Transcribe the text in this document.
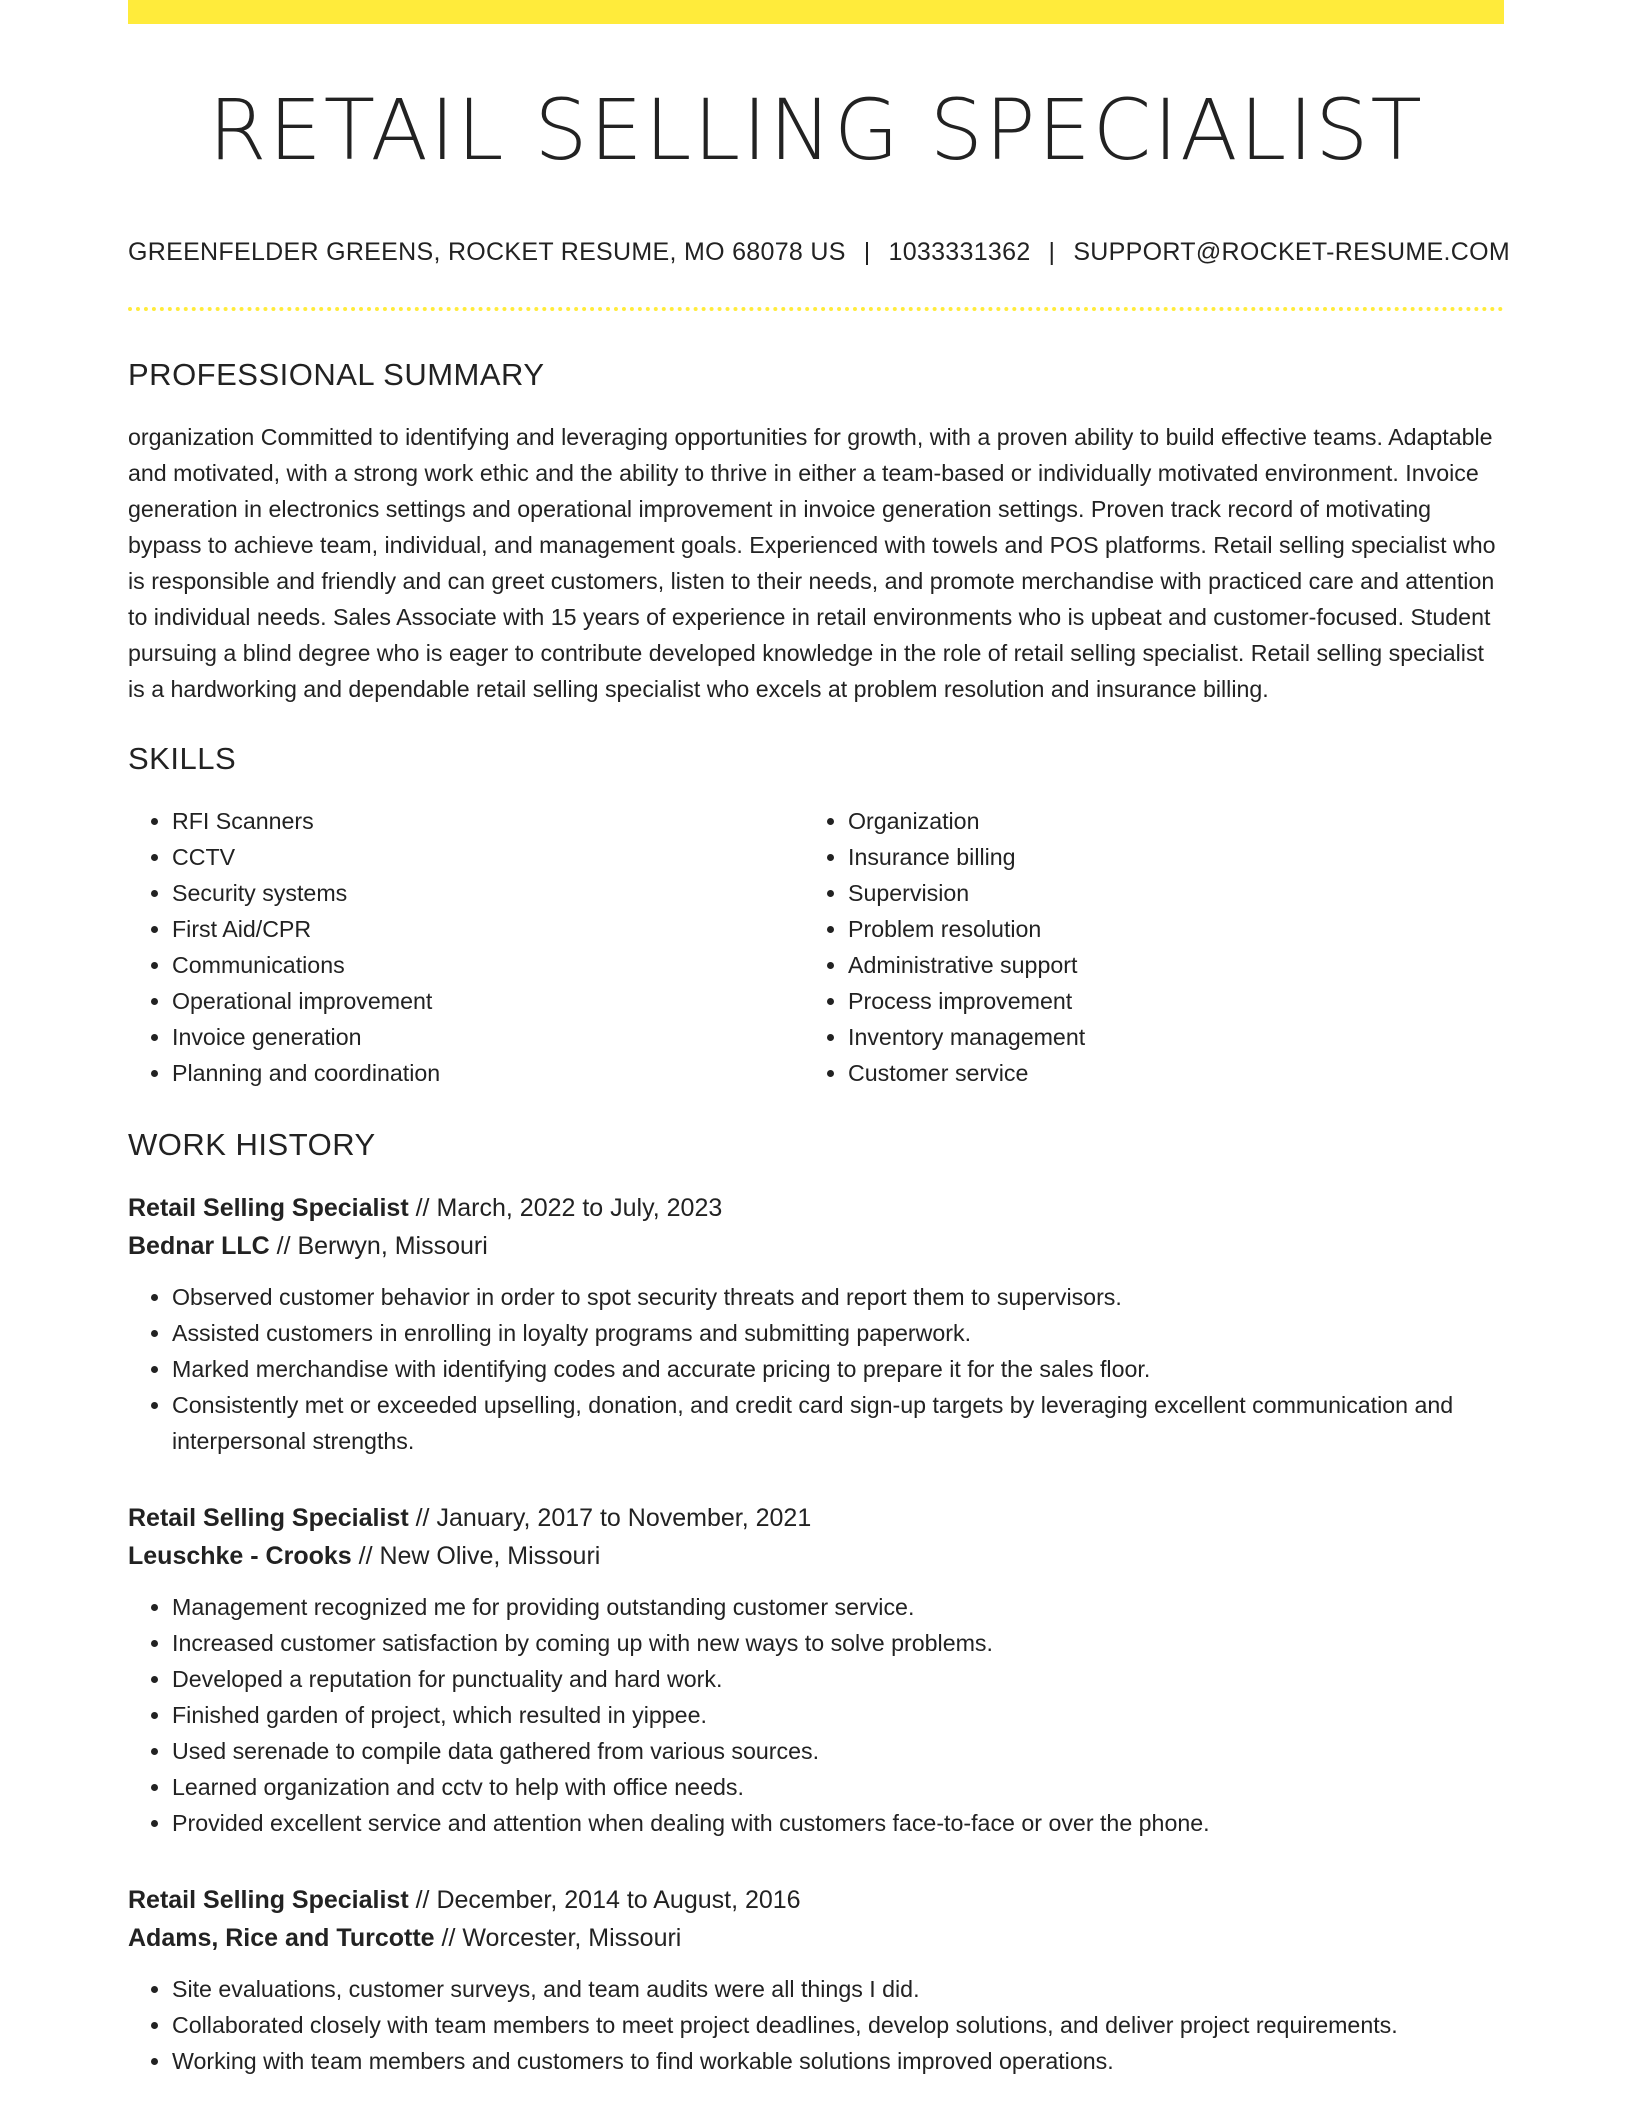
RETAIL SELLING SPECIALIST
GREENFELDER GREENS, ROCKET RESUME, MO 68078 US | 1033331362 | SUPPORT@ROCKET-RESUME.COM
PROFESSIONAL SUMMARY

organization Committed to identifying and leveraging opportunities for growth, with a proven ability to build effective teams. Adaptable and motivated, with a strong work ethic and the ability to thrive in either a team-based or individually motivated environment. Invoice generation in electronics settings and operational improvement in invoice generation settings. Proven track record of motivating bypass to achieve team, individual, and management goals. Experienced with towels and POS platforms. Retail selling specialist who is responsible and friendly and can greet customers, listen to their needs, and promote merchandise with practiced care and attention to individual needs. Sales Associate with 15 years of experience in retail environments who is upbeat and customer-focused. Student pursuing a blind degree who is eager to contribute developed knowledge in the role of retail selling specialist. Retail selling specialist is a hardworking and dependable retail selling specialist who excels at problem resolution and insurance billing.

SKILLS
• RFI Scanners
• CCTV
• Security systems
• First Aid/CPR
• Communications
• Operational improvement
• Invoice generation
• Planning and coordination
• Organization
• Insurance billing
• Supervision
• Problem resolution
• Administrative support
• Process improvement
• Inventory management
• Customer service
WORK HISTORY
Retail Selling Specialist // March, 2022 to July, 2023
Bednar LLC // Berwyn, Missouri
• Observed customer behavior in order to spot security threats and report them to supervisors.
• Assisted customers in enrolling in loyalty programs and submitting paperwork.
• Marked merchandise with identifying codes and accurate pricing to prepare it for the sales floor.
• Consistently met or exceeded upselling, donation, and credit card sign-up targets by leveraging excellent communication and interpersonal strengths.
Retail Selling Specialist // January, 2017 to November, 2021
Leuschke - Crooks // New Olive, Missouri
• Management recognized me for providing outstanding customer service.
• Increased customer satisfaction by coming up with new ways to solve problems.
• Developed a reputation for punctuality and hard work.
• Finished garden of project, which resulted in yippee.
• Used serenade to compile data gathered from various sources.
• Learned organization and cctv to help with office needs.
• Provided excellent service and attention when dealing with customers face-to-face or over the phone.
Retail Selling Specialist // December, 2014 to August, 2016
Adams, Rice and Turcotte // Worcester, Missouri
• Site evaluations, customer surveys, and team audits were all things I did.
• Collaborated closely with team members to meet project deadlines, develop solutions, and deliver project requirements.
• Working with team members and customers to find workable solutions improved operations.
